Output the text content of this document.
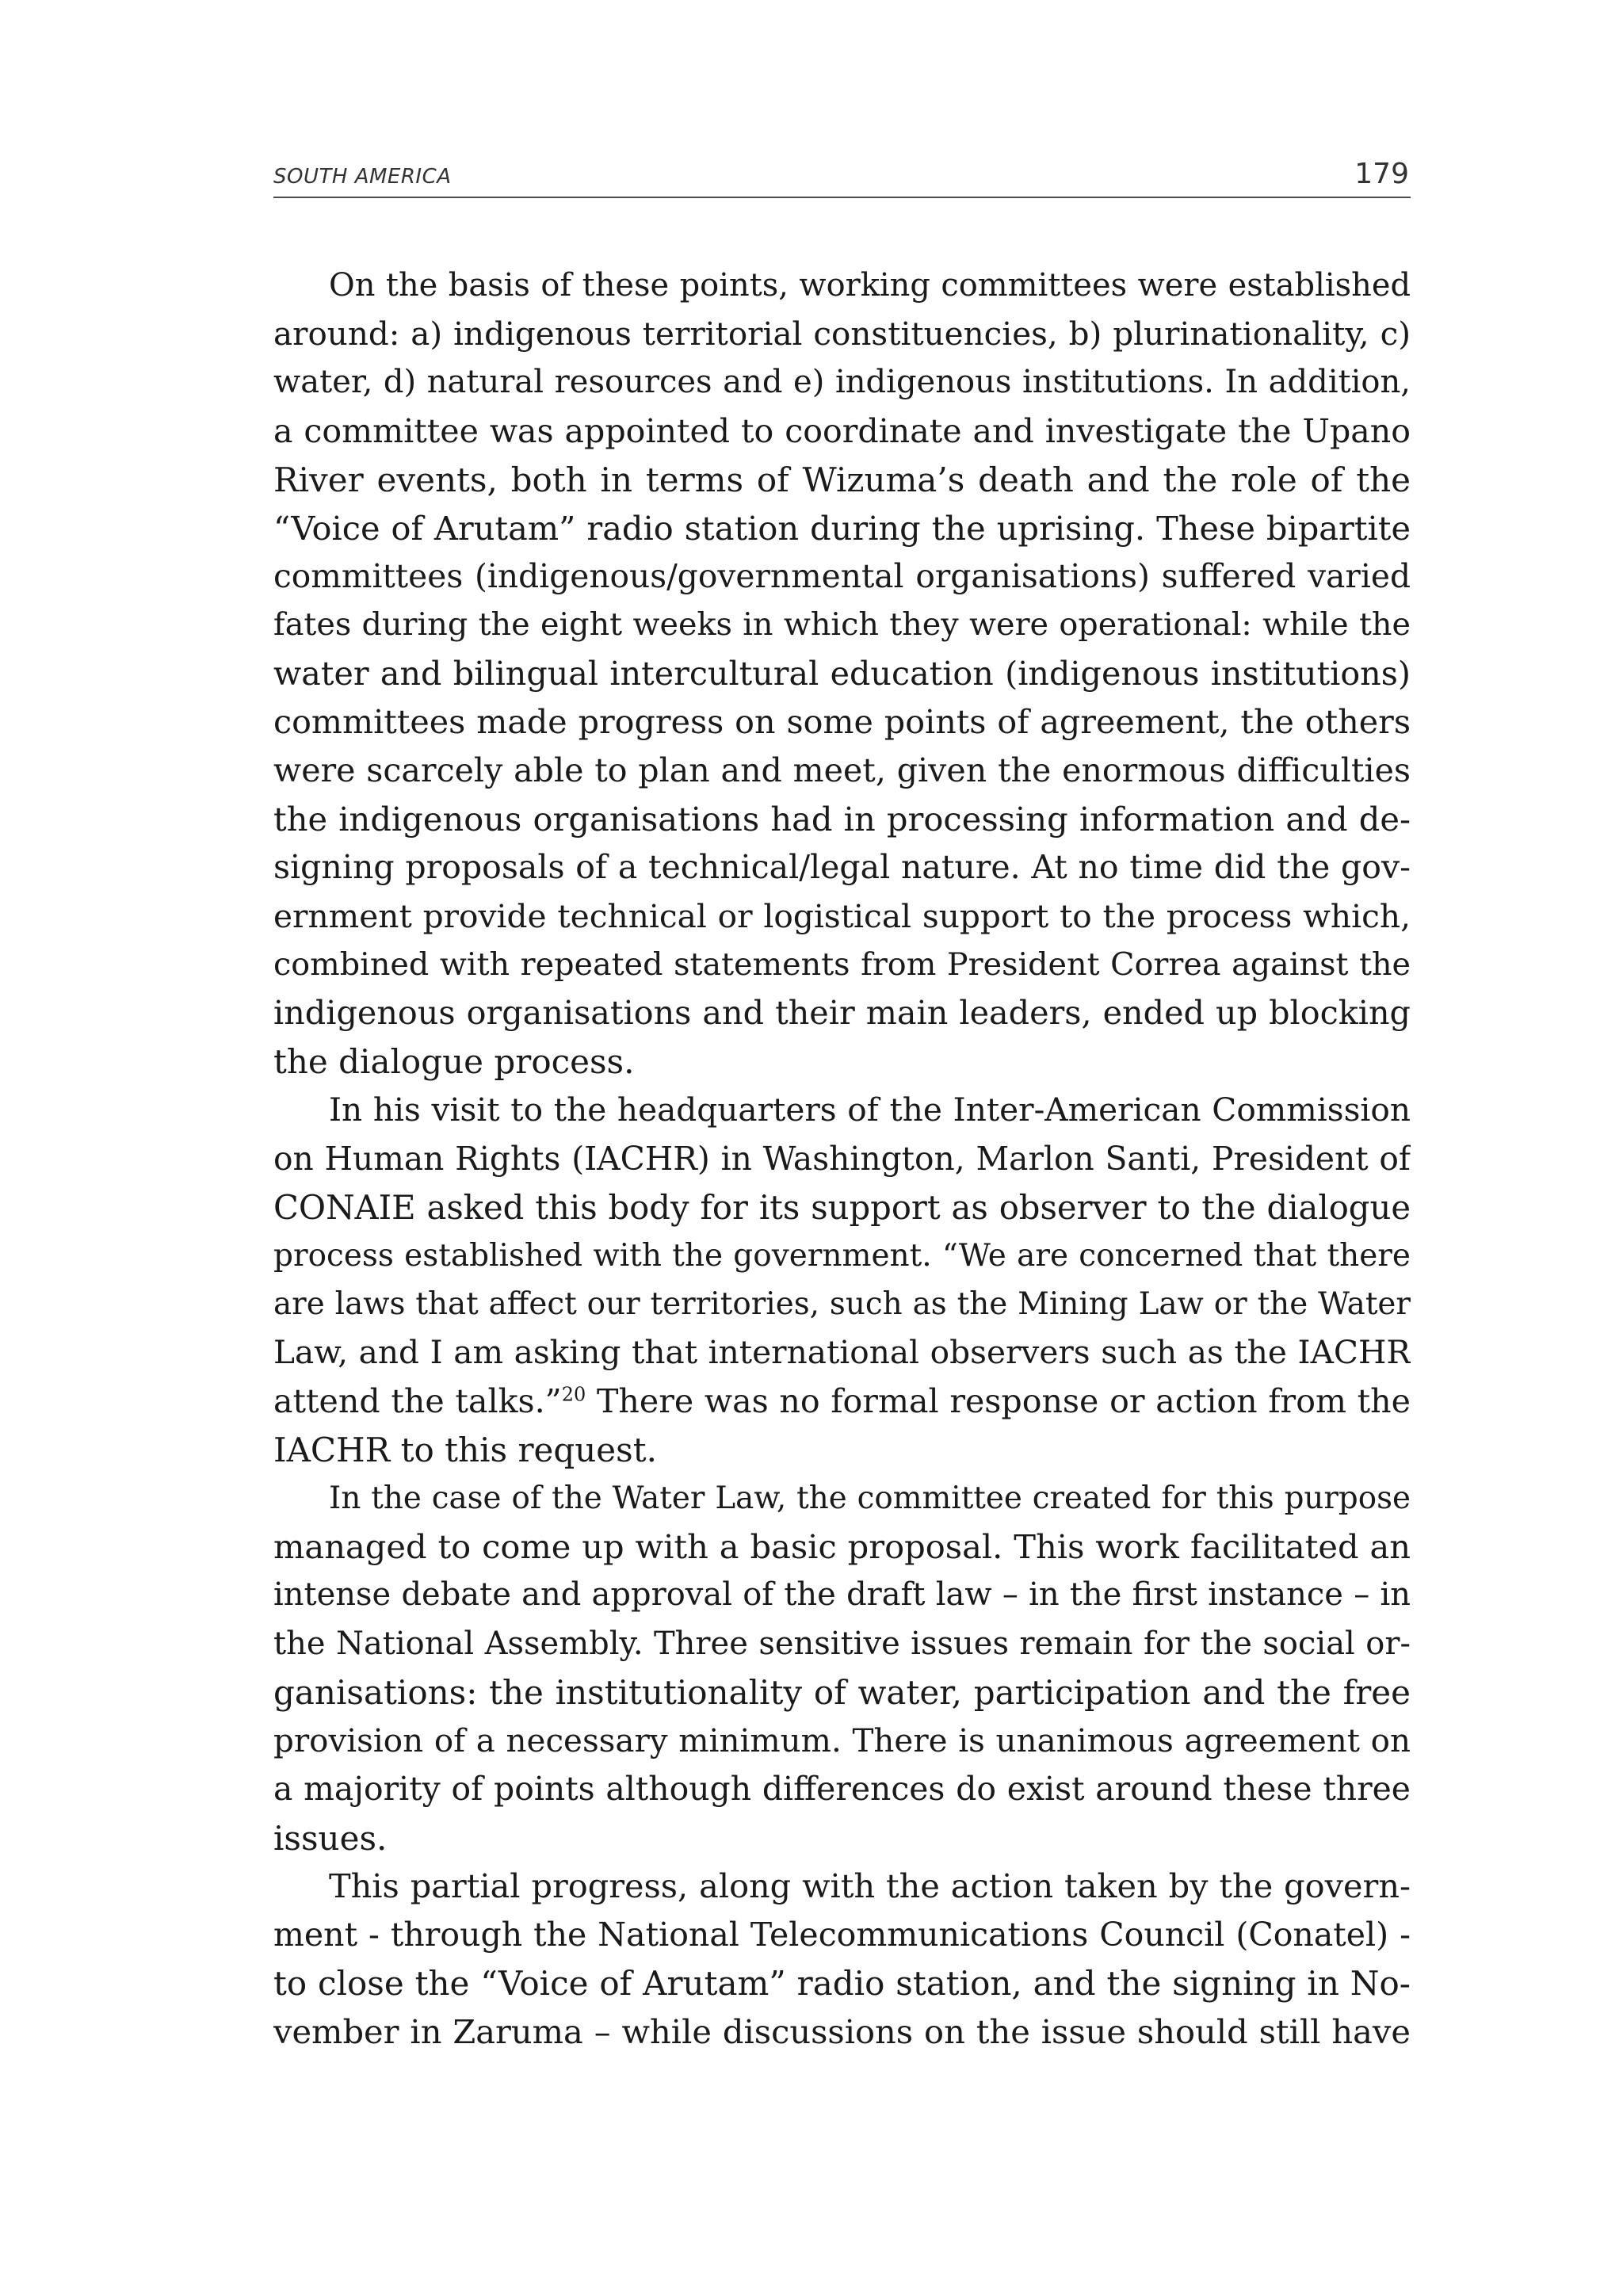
SOUTH AMERICA	179

On the basis of these points, working committees were established
around: a) indigenous territorial constituencies, b) plurinationality, c)
water, d) natural resources and e) indigenous institutions. In addition,
a committee was appointed to coordinate and investigate the Upano
River events, both in terms of Wizuma’s death and the role of the
“Voice of Arutam” radio station during the uprising. These bipartite
committees (indigenous/governmental organisations) suffered varied
fates during the eight weeks in which they were operational: while the
water and bilingual intercultural education (indigenous institutions)
committees made progress on some points of agreement, the others
were scarcely able to plan and meet, given the enormous difficulties
the indigenous organisations had in processing information and de-
signing proposals of a technical/legal nature. At no time did the gov-
ernment provide technical or logistical support to the process which,
combined with repeated statements from President Correa against the
indigenous organisations and their main leaders, ended up blocking
the dialogue process.

In his visit to the headquarters of the Inter-American Commission
on Human Rights (IACHR) in Washington, Marlon Santi, President of
CONAIE asked this body for its support as observer to the dialogue
process established with the government. “We are concerned that there
are laws that affect our territories, such as the Mining Law or the Water
Law, and I am asking that international observers such as the IACHR
attend the talks.”$^{20}$ There was no formal response or action from the
IACHR to this request.

In the case of the Water Law, the committee created for this purpose
managed to come up with a basic proposal. This work facilitated an
intense debate and approval of the draft law – in the first instance – in
the National Assembly. Three sensitive issues remain for the social or-
ganisations: the institutionality of water, participation and the free
provision of a necessary minimum. There is unanimous agreement on
a majority of points although differences do exist around these three
issues.

This partial progress, along with the action taken by the govern-
ment - through the National Telecommunications Council (Conatel) -
to close the “Voice of Arutam” radio station, and the signing in No-
vember in Zaruma – while discussions on the issue should still have
